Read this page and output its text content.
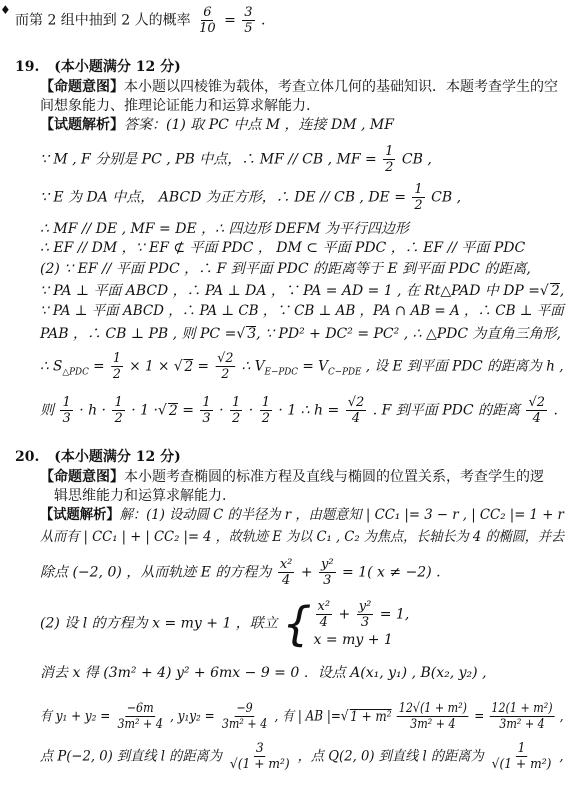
♦
而第 2 组中抽到 2 人的概率 $\frac{6}{10} = \frac{3}{5}$ .
19. (本小题满分 12 分)
【命题意图】本小题以四棱锥为载体，考查立体几何的基础知识．本题考查学生的空
间想象能力、推理论证能力和运算求解能力.
【试题解析】答案：(1) 取 PC 中点 M ，连接 DM , MF
∵ M , F 分别是 PC , PB 中点，∴ MF // CB , MF = $\frac{1}{2}$ CB ,
∵ E 为 DA 中点， ABCD 为正方形，∴ DE // CB , DE = $\frac{1}{2}$ CB ,
∴ MF // DE , MF = DE ，∴ 四边形 DEFM 为平行四边形
∴ EF // DM ，∵ EF ⊄ 平面 PDC ， DM ⊂ 平面 PDC ，∴ EF // 平面 PDC
(2) ∵ EF // 平面 PDC ，∴ F 到平面 PDC 的距离等于 E 到平面 PDC 的距离,
∵ PA ⊥ 平面 ABCD ，∴ PA ⊥ DA ，∵ PA = AD = 1 , 在 Rt△PAD 中 DP =√ 2,
∵ PA ⊥ 平面 ABCD ，∴ PA ⊥ CB ，∵ CB ⊥ AB ，PA ∩ AB = A ，∴ CB ⊥ 平面
PAB ，∴ CB ⊥ PB , 则 PC =√ 3, ∵ PD² + DC² = PC² , ∴ △PDC 为直角三角形,
∴ $S_{\triangle PDC} = \frac{1}{2} \times 1$ × √ $2 = \frac{√2}{2}$ ∴ $V_{E-PDC} = V_{C-PDE}$ , 设 E 到平面 PDC 的距离为 h ,
则 $\frac{1}{3} \cdot h \cdot \frac{1}{2} \cdot 1$ ·√ $2 = \frac{1}{3} \cdot \frac{1}{2} \cdot \frac{1}{2} \cdot 1$ ∴ $h = \frac{√2}{4}$ . F 到平面 PDC 的距离 $\frac{√2}{4}$ .
20. (本小题满分 12 分)
【命题意图】本小题考查椭圆的标准方程及直线与椭圆的位置关系，考查学生的逻
辑思维能力和运算求解能力.
【试题解析】解：(1) 设动圆 C 的半径为 r ，由题意知 | CC₁ |= 3 − r , | CC₂ |= 1 + r
从而有 | CC₁ | + | CC₂ |= 4 ，故轨迹 E 为以 C₁ , C₂ 为焦点，长轴长为 4 的椭圆，并去
除点 (−2, 0) ，从而轨迹 E 的方程为 $\frac{\text{x²}}{4} + \frac{\text{y²}}{3} = 1$( x ≠ −2) .
(2) 设 l 的方程为 x = my + 1 ，联立 { $\frac{\text{x²}}{4} + \frac{\text{y²}}{3} = 1$,
x = my + 1
消去 x 得 (3m² + 4) y² + 6mx − 9 = 0 ．设点 A(x₁, y₁) , B(x₂, y₂) ,
有 $y_1 + y_2 = \frac{-6m}{\text{3m² + 4}}$ , $y_1y_2 = \frac{-9}{\text{3m² + 4}}$ , 有 | AB |=√ $1 + m^2 \frac{\text{12√(1 + m²)}}{\text{3m² + 4}} = \frac{\text{12(1 + m²)}}{\text{3m² + 4}}$ ,
点 P(−2, 0) 到直线 l 的距离为 $\frac{3}{\text{√(1 + m²)}}$ ，点 Q(2, 0) 到直线 l 的距离为 $\frac{1}{\text{√(1 + m²)}}$ ,
